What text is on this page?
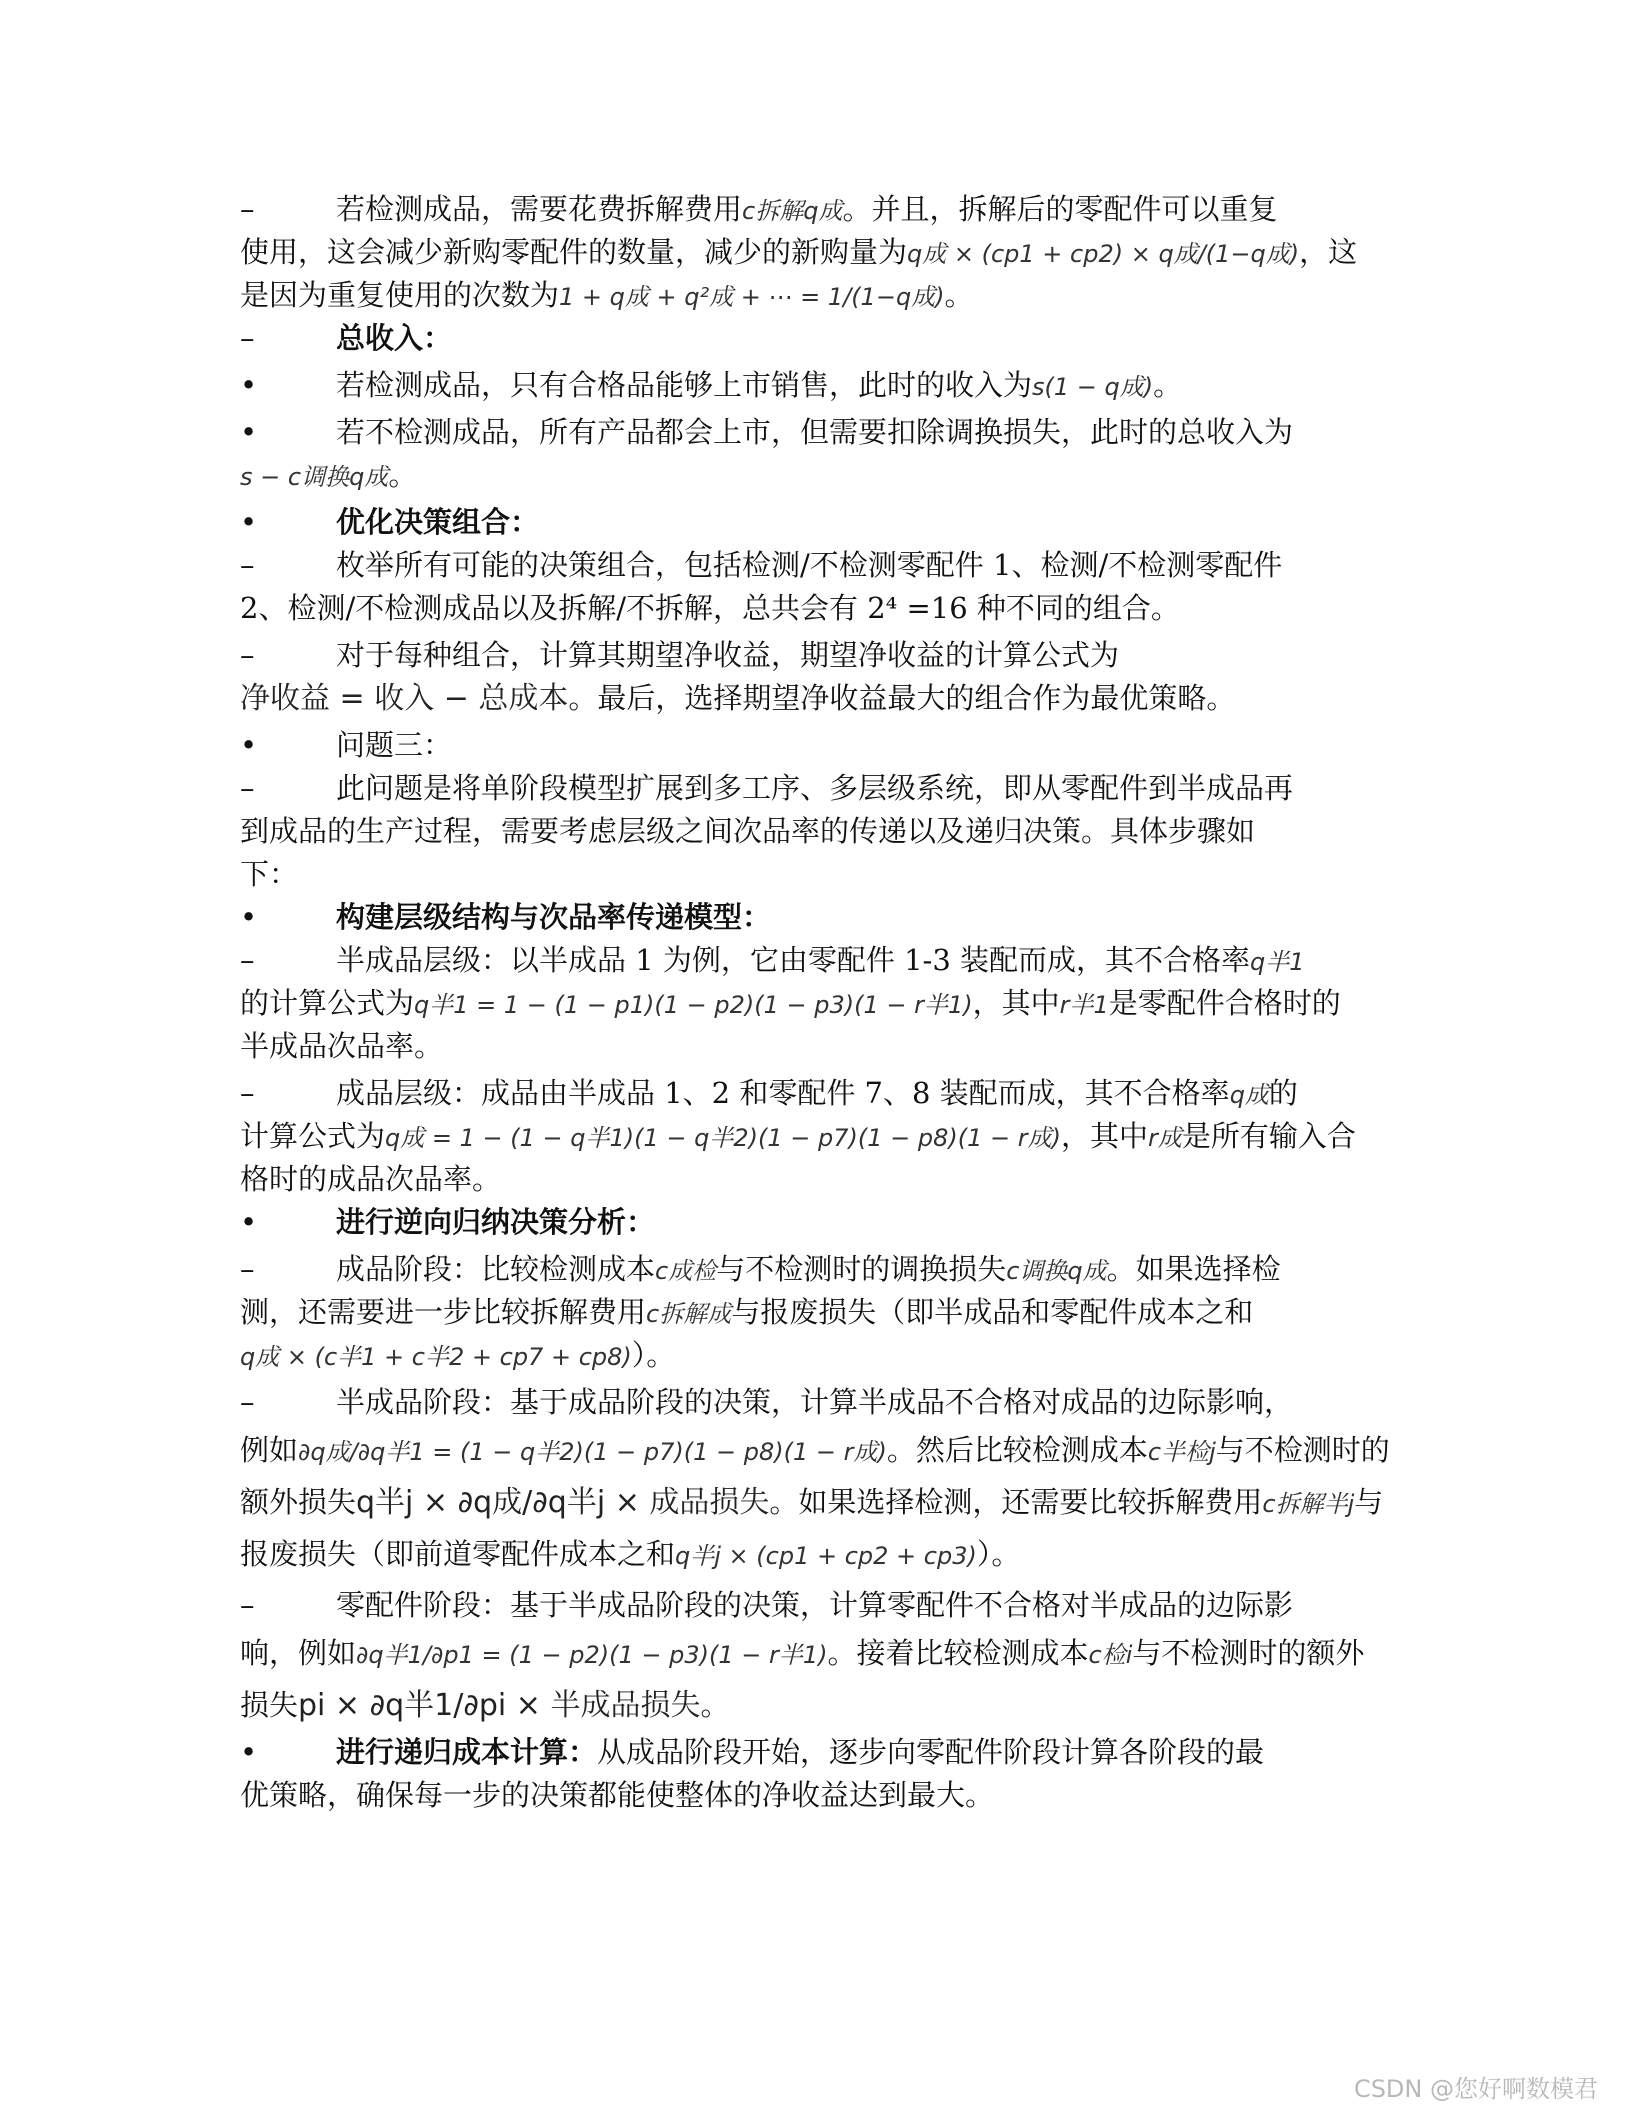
–	若检测成品，需要花费拆解费用c拆解q成。并且，拆解后的零配件可以重复
使用，这会减少新购零配件的数量，减少的新购量为q成 × (cp1 + cp2) × q成/(1−q成)，这
是因为重复使用的次数为1 + q成 + q²成 + ⋯ = 1/(1−q成)。
–	总收入：
•	若检测成品，只有合格品能够上市销售，此时的收入为s(1 − q成)。
•	若不检测成品，所有产品都会上市，但需要扣除调换损失，此时的总收入为
s − c调换q成。
•	优化决策组合：
–	枚举所有可能的决策组合，包括检测/不检测零配件 1、检测/不检测零配件
2、检测/不检测成品以及拆解/不拆解，总共会有 2⁴ =16 种不同的组合。
–	对于每种组合，计算其期望净收益，期望净收益的计算公式为
净收益 = 收入 − 总成本。最后，选择期望净收益最大的组合作为最优策略。
•	问题三：
–	此问题是将单阶段模型扩展到多工序、多层级系统，即从零配件到半成品再
到成品的生产过程，需要考虑层级之间次品率的传递以及递归决策。具体步骤如
下：
•	构建层级结构与次品率传递模型：
–	半成品层级：以半成品 1 为例，它由零配件 1-3 装配而成，其不合格率q半1
的计算公式为q半1 = 1 − (1 − p1)(1 − p2)(1 − p3)(1 − r半1)，其中r半1是零配件合格时的
半成品次品率。
–	成品层级：成品由半成品 1、2 和零配件 7、8 装配而成，其不合格率q成的
计算公式为q成 = 1 − (1 − q半1)(1 − q半2)(1 − p7)(1 − p8)(1 − r成)，其中r成是所有输入合
格时的成品次品率。
•	进行逆向归纳决策分析：
–	成品阶段：比较检测成本c成检与不检测时的调换损失c调换q成。如果选择检
测，还需要进一步比较拆解费用c拆解成与报废损失（即半成品和零配件成本之和
q成 × (c半1 + c半2 + cp7 + cp8)）。
–	半成品阶段：基于成品阶段的决策，计算半成品不合格对成品的边际影响，
例如∂q成/∂q半1 = (1 − q半2)(1 − p7)(1 − p8)(1 − r成)。然后比较检测成本c半检j与不检测时的
额外损失q半j × ∂q成/∂q半j × 成品损失。如果选择检测，还需要比较拆解费用c拆解半j与
报废损失（即前道零配件成本之和q半j × (cp1 + cp2 + cp3)）。
–	零配件阶段：基于半成品阶段的决策，计算零配件不合格对半成品的边际影
响，例如∂q半1/∂p1 = (1 − p2)(1 − p3)(1 − r半1)。接着比较检测成本c检i与不检测时的额外
损失pi × ∂q半1/∂pi × 半成品损失。
•	进行递归成本计算：从成品阶段开始，逐步向零配件阶段计算各阶段的最
优策略，确保每一步的决策都能使整体的净收益达到最大。
CSDN @您好啊数模君
